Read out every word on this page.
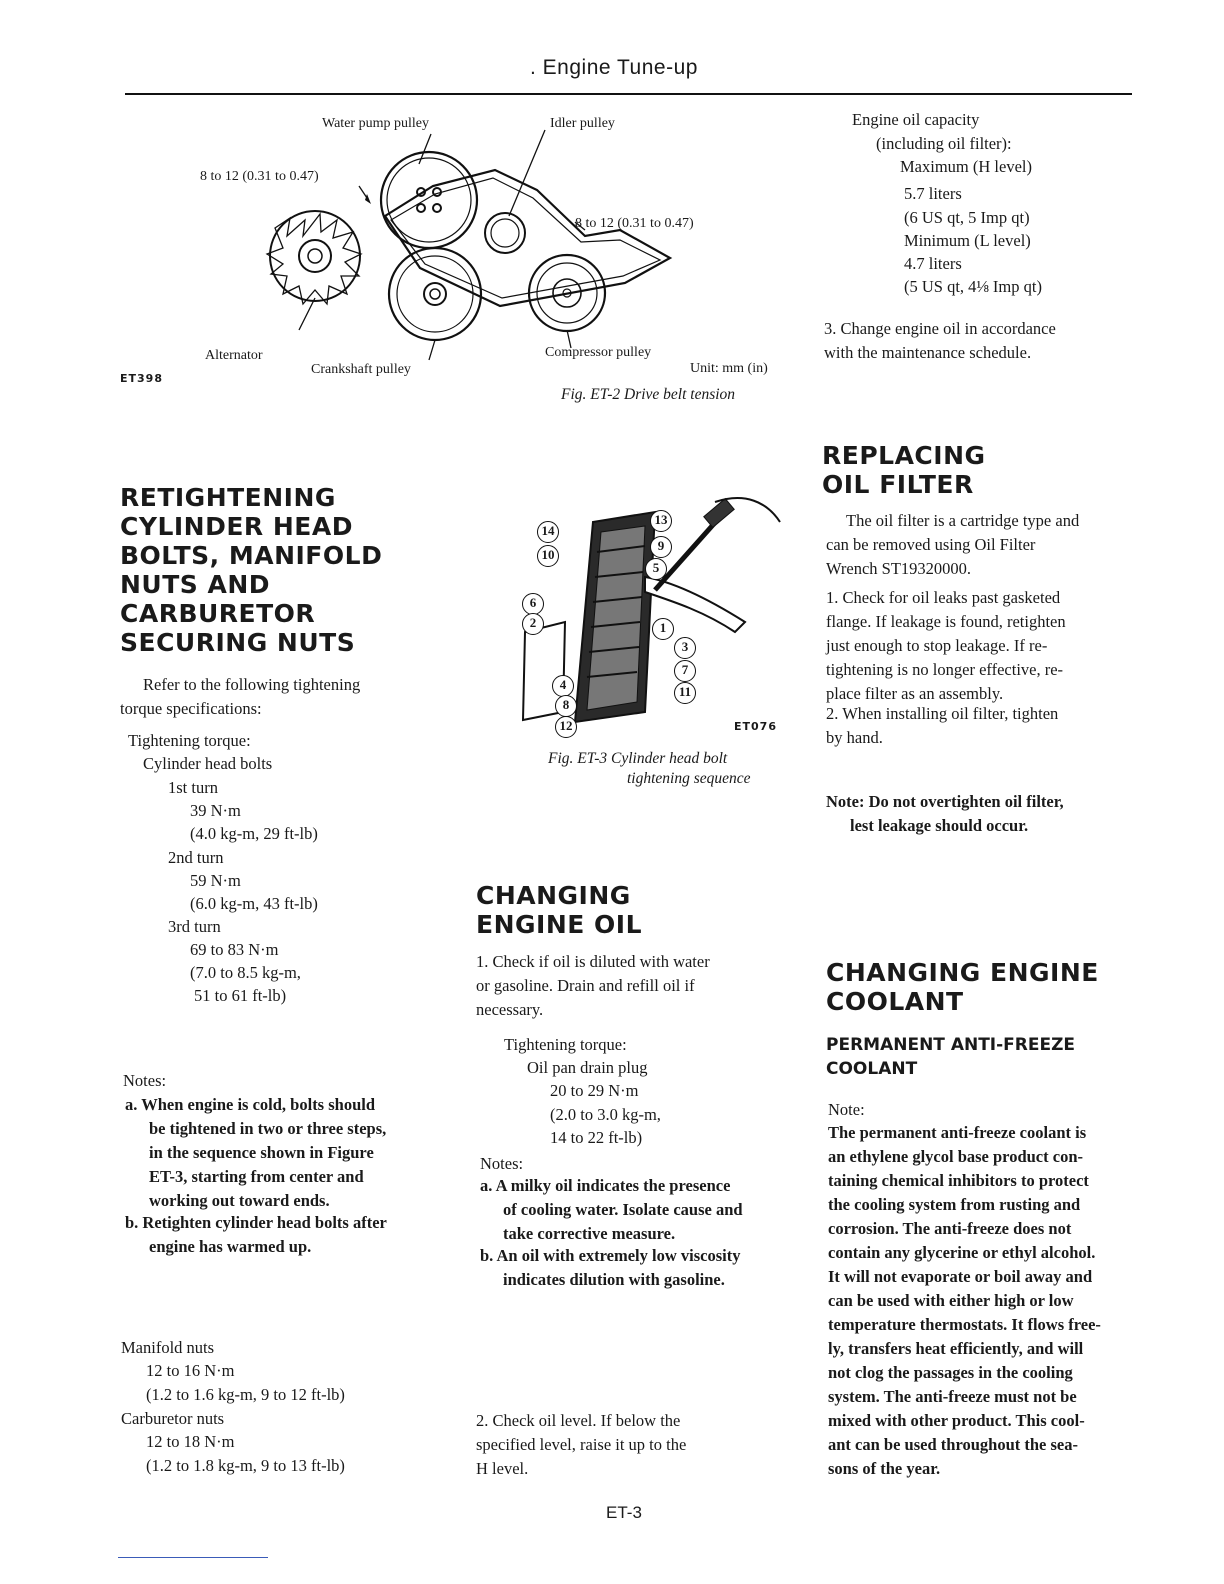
. Engine Tune-up
Water pump pulley	Idler pulley
8 to 12 (0.31 to 0.47)
8 to 12 (0.31 to 0.47)
Alternator
Crankshaft pulley
Compressor pulley
Unit: mm (in)
ET398
Fig. ET-2 Drive belt tension
RETIGHTENING
CYLINDER HEAD
BOLTS, MANIFOLD
NUTS AND
CARBURETOR
SECURING NUTS
Refer to the following tightening
torque specifications:
Tightening torque:
Cylinder head bolts
1st turn
39 N·m
(4.0 kg-m, 29 ft-lb)
2nd turn
59 N·m
(6.0 kg-m, 43 ft-lb)
3rd turn
69 to 83 N·m
(7.0 to 8.5 kg-m,
51 to 61 ft-lb)
Notes:
a. When engine is cold, bolts should
be tightened in two or three steps,
in the sequence shown in Figure
ET-3, starting from center and
working out toward ends.
b. Retighten cylinder head bolts after
engine has warmed up.
Manifold nuts
12 to 16 N·m
(1.2 to 1.6 kg-m, 9 to 12 ft-lb)
Carburetor nuts
12 to 18 N·m
(1.2 to 1.8 kg-m, 9 to 13 ft-lb)
14
10
6
2
4
8
12
13
9
5
1
3
7
11
ET076
Fig. ET-3 Cylinder head bolt
tightening sequence
CHANGING
ENGINE OIL
1. Check if oil is diluted with water
or gasoline. Drain and refill oil if
necessary.
Tightening torque:
Oil pan drain plug
20 to 29 N·m
(2.0 to 3.0 kg-m,
14 to 22 ft-lb)
Notes:
a. A milky oil indicates the presence
of cooling water. Isolate cause and
take corrective measure.
b. An oil with extremely low viscosity
indicates dilution with gasoline.
2. Check oil level. If below the
specified level, raise it up to the
H level.
Engine oil capacity
(including oil filter):
Maximum (H level)
5.7 liters
(6 US qt, 5 Imp qt)
Minimum (L level)
4.7 liters
(5 US qt, 4⅛ Imp qt)
3. Change engine oil in accordance
with the maintenance schedule.
REPLACING
OIL FILTER
The oil filter is a cartridge type and
can be removed using Oil Filter
Wrench ST19320000.
1. Check for oil leaks past gasketed
flange. If leakage is found, retighten
just enough to stop leakage. If re-
tightening is no longer effective, re-
place filter as an assembly.
2. When installing oil filter, tighten
by hand.
Note: Do not overtighten oil filter,
lest leakage should occur.
CHANGING ENGINE
COOLANT
PERMANENT ANTI-FREEZE
COOLANT
Note:
The permanent anti-freeze coolant is
an ethylene glycol base product con-
taining chemical inhibitors to protect
the cooling system from rusting and
corrosion. The anti-freeze does not
contain any glycerine or ethyl alcohol.
It will not evaporate or boil away and
can be used with either high or low
temperature thermostats. It flows free-
ly, transfers heat efficiently, and will
not clog the passages in the cooling
system. The anti-freeze must not be
mixed with other product. This cool-
ant can be used throughout the sea-
sons of the year.
ET-3
